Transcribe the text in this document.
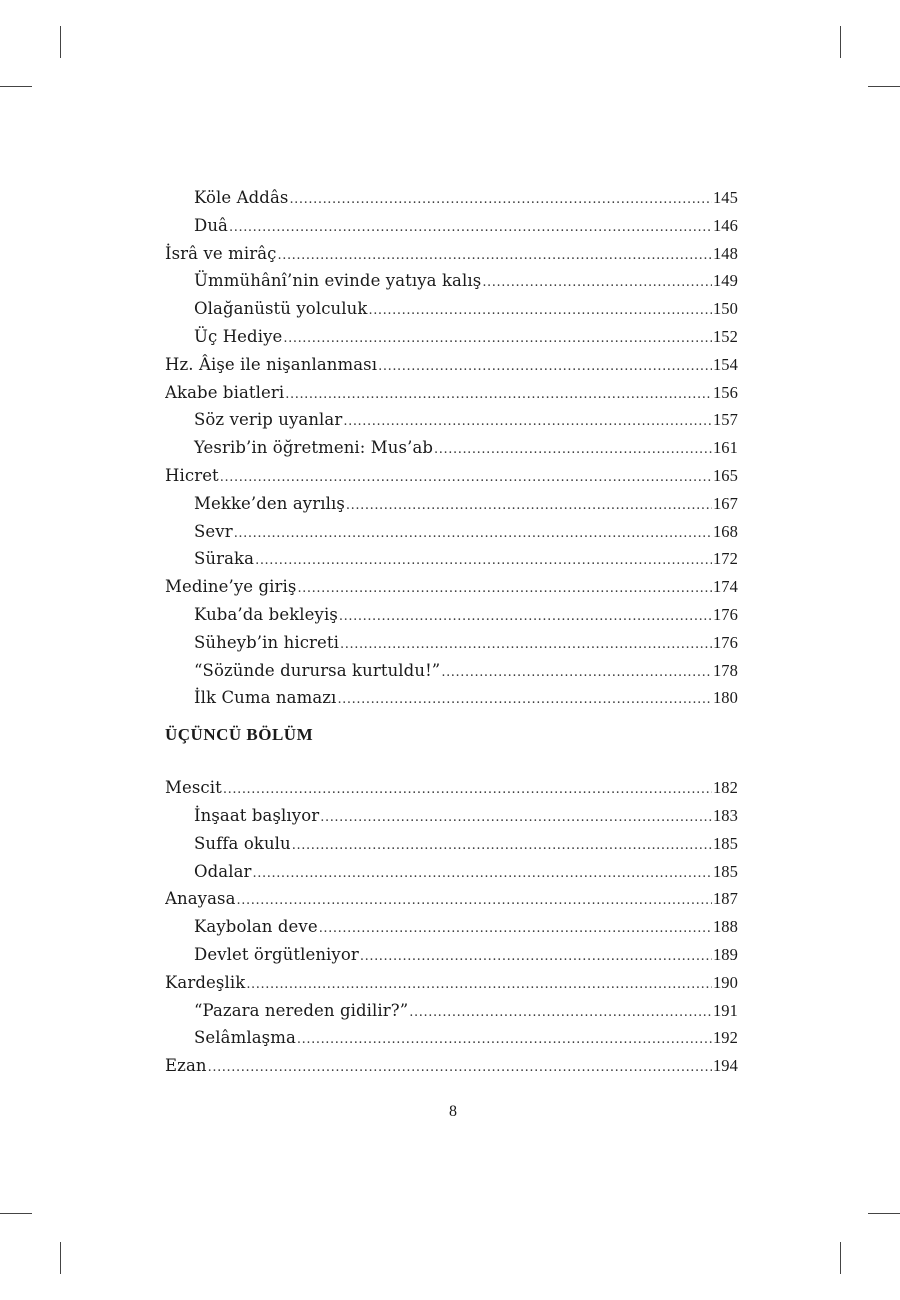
Köle Addâs .....	145
Duâ .....	146
İsrâ ve mirâç .....	148
Ümmühânî’nin evinde yatıya kalış .....	149
Olağanüstü yolculuk .....	150
Üç Hediye .....	152
Hz. Âişe ile nişanlanması .....	154
Akabe biatleri .....	156
Söz verip uyanlar .....	157
Yesrib’in öğretmeni: Mus’ab .....	161
Hicret .....	165
Mekke’den ayrılış .....	167
Sevr .....	168
Süraka .....	172
Medine’ye giriş .....	174
Kuba’da bekleyiş .....	176
Süheyb’in hicreti .....	176
“Sözünde durursa kurtuldu!” .....	178
İlk Cuma namazı .....	180
ÜÇÜNCÜ BÖLÜM
Mescit .....	182
İnşaat başlıyor .....	183
Suffa okulu .....	185
Odalar .....	185
Anayasa .....	187
Kaybolan deve .....	188
Devlet örgütleniyor .....	189
Kardeşlik .....	190
“Pazara nereden gidilir?” .....	191
Selâmlaşma .....	192
Ezan .....	194
8
